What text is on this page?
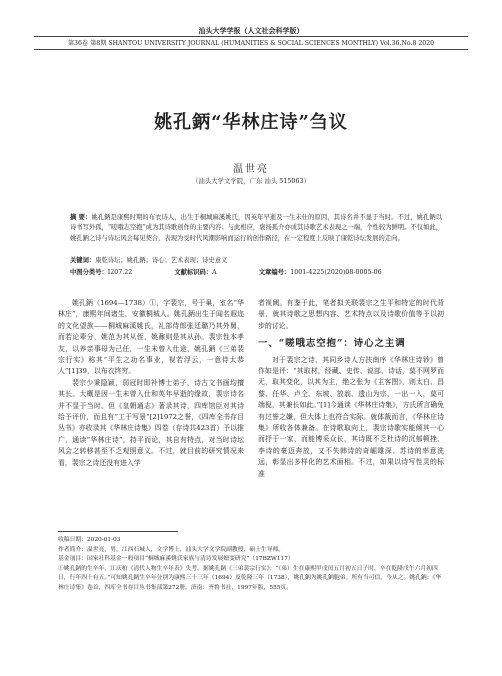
汕头大学学报（人文社会科学版）
第36卷 第8期 SHANTOU UNIVERSITY JOURNAL (HUMANITIES & SOCIAL SCIENCES MONTHLY) Vol.36.No.8 2020
姚孔鈵“华林庄诗”刍议
温世亮
（汕头大学文学院，广东 汕头 515063）
摘 要：姚孔鈵是康熙时期的布衣诗人，出生于桐城麻溪姚氏，因英年早逝及一生未仕的原因，其诗名并不显于当时。不过，姚孔鈵以诗书写外孤，“嗟哦志空抱”成为其诗歌创作的主要内容；与此相应，褒扬孤介亦成其诗歌艺术表现之一端，个性较为鲜明。不仅如此，姚孔鈵之诗与诗坛风会每见契合，表现为受时代风潮影响而运行的创作路径，在一定程度上反映了康乾诗坛发展的走向。
关键词：康乾诗坛；姚孔鈵；诗心；艺术表现；诗史意义
中图分类号：I207.22	文献标识码：A	文章编号：1001-4225(2020)08-0005-06

姚孔鈵（1694—1738）①，字裴宗，号于巢，室名“华林庄”，康熙年间诸生，安徽桐城人。姚孔鈵出生于闻名遐迩的文化望族——桐城麻溪姚氏，礼部侍郎张廷璐乃其外舅，而若论辈分，姚范为其从侄，姚鼐则是其从孙。裴宗性本孝友，以养亲事母为己任，一生未曾入仕途，姚孔鈵《三弟裴宗行实》称其“平生之功名事业，视若浮云，一意侍太恭人”[1]39，以布衣终穷。

裴宗少秉隐颖，弱冠时即补博士弟子，诗古文书画均擅其长。大概是因一生未曾入仕和英年早逝的缘故，裴宗诗名并不显于当时。但《皇朝通志》著录其诗，四库馆臣对其诗给予评价，而且有“工于写景”[2]1972之誉，《四库全书存目丛书》亦收录其《华林庄诗集》四卷（存诗共423首）予以推广，通读“华林庄诗”，持平而论，其自有特点，对当时诗坛风会之转移甚至不乏观照意义。不过，就目前的研究情况来看，裴宗之诗还没有进入学

者视阈。有鉴于此，笔者拟关联裴宗之生平和特定的时代背景，就其诗歌之思想内容、艺术特点以及诗歌价值等予以初步的讨论。

一、“嗟哦志空抱”：诗心之主调

对于裴宗之诗，其同乡诗人方扶南序《华林庄诗钞》曾作如是评：“其取材，经藏、史传、说部、诗话，莫不网罗而无，取其变化，以其为主，绝之张为《主客图》，则太白、昌黎、任华、卢仝、东坡、放翁、遗山为宗，一出一入，莫可端倪，其兼长如此。”[1]今通读《华林庄诗集》，方氏所言确免有过誉之嫌，但大体上也符合实际。就体裁而言，《华林庄诗集》所收各体兼备。在诗歌取向上，裴宗诗歌实能倾其一心而抒于一家，而能博采众长，其诗既不乏杜诗的沉郁顿挫、李诗的豪迈奔放，又不失韩诗的奇崛雄深、苏诗的率意洗远，彰显出多样化的艺术面相。不过，如果以诗写性灵的标准

收稿日期：2020-01-03
作者简介：温世亮，男，江西石城人，文学博士，汕头大学文学院副教授，硕士生导师。
基金项目：国家社科基金一般项目“桐城麻溪姚氏家族与清诗发展嬗变研究”（17BZW117）
①姚孔鈵的生卒年，江庆柏《清代人物生卒年表》失考。据姚孔鈵《三弟裴宗行实》：“（弟）生在康熙甲戌闰五月初五日子时，卒在乾隆戊午六月初四日，行年四十有五。”可知姚孔鈵生卒年分别为康熙三十三年（1694）及乾隆三年（1738），姚孔鈵为姚孔鈵胞弟。所有当可信，今从之。姚孔鈵：《华林庄诗集》卷首，四库全书存目丛书集部第272册，济南：齐鲁书社，1997年版，555页。
